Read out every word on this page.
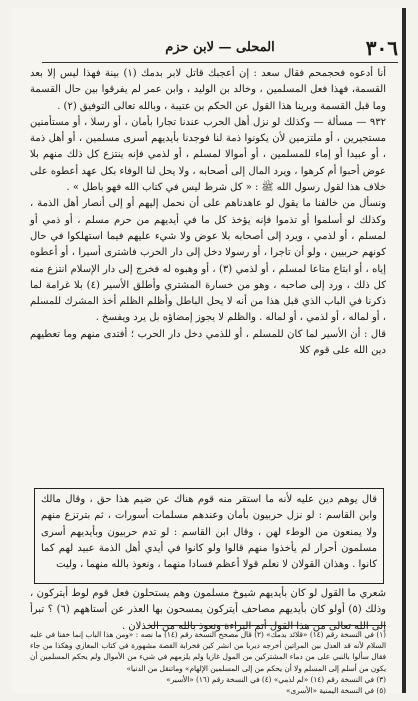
٣٠٦
المحلى — لابن حزم

أنا أدعوه فحجمحم فقال سعد : إن أعجبك قاتل لابر بدمك (١) بينة فهذا ليس إلا بعد القسمة، فهذا فعل المسلمين ، وخالد بن الوليد ، وابن عمر لم يفرقوا بين حال القسمة وما قبل القسمة وبرينا هذا القول عن الحكم بن عتيبة ، وبالله تعالى التوفيق (٢) .

٩٣٢ — مسألة — وكذلك لو نزل أهل الحرب عندنا تجارا بأمان ، أو رسلا ، أو مستأمنين مستجيرين ، أو ملتزمين لأن يكونوا ذمة لنا فوجدنا بأيديهم أسرى مسلمين ، أو أهل ذمة ، أو عبيدا أو إماء للمسلمين ، أو أموالا لمسلم ، أو لذمي فإنه ينتزع كل ذلك منهم بلا عوض أحبوا أم كرهوا ، ويرد المال إلى أصحابه ، ولا يحل لنا الوفاء بكل عهد أعطوه على خلاف هذا لقول رسول الله ﷺ : « كل شرط ليس في كتاب الله فهو باطل » .

ونسأل من خالفنا ما يقول لو عاهدناهم على أن نحمل إليهم أو إلى أنصار أهل الذمة ، وكذلك لو أسلموا أو تذموا فإنه يؤخذ كل ما في أيديهم من حرم مسلم ، أو ذمي أو لمسلم ، أو لذمي ، ويرد إلى أصحابه بلا عوض ولا شيء عليهم فيما استهلكوا في حال كونهم حربيين ، ولو أن تاجرا ، أو رسولا دخل إلى دار الحرب فاشترى أسيرا ، أو أعطوه إياه ، أو ابتاع متاعا لمسلم ، أو لذمي (٣) ، أو وهبوه له فخرج إلى دار الإسلام انتزع منه كل ذلك ، ورد إلى صاحبه ، وهو من خسارة المشتري وأطلق الأسير (٤) بلا غرامة لما ذكرنا في الباب الذي قبل هذا من أنه لا يحل الباطل وأظلم الظلم أخذ المشرك للمسلم ، أو لماله ، أو لذمي ، أو لماله . والظلم لا يجوز إمضاؤه بل يرد ويفسخ .

قال : أن الأسير لما كان للمسلم ، أو للذمي دخل دار الحرب ؛ أفتدى منهم وما تعطيهم دين الله على قوم كلا

قال يوهم دين عليه لأنه ما استقر منه قوم هناك عن ضيم هذا حق ، وقال مالك وابن القاسم : لو نزل حربيون بأمان وعندهم مسلمات أسورات ، ثم بترتزع منهم ولا يمنعون من الوطء لهن ، وقال ابن القاسم : لو تدم حربيون وبأيديهم أسرى مسلمون أحرار لم يأخذوا منهم قالوا ولو كانوا في أيدي أهل الذمة عبيد لهم كما كانوا . وهذان القولان لا نعلم قولا أعظم فسادا منهما ، ونعوذ بالله منهما ، وليت
شعري ما القول لو كان بأيديهم شيوخ مسلمون وهم يستحلون فعل قوم لوط أيتركون ، وذلك (٥) أولو كان بأيديهم مصاحف أيتركون يمسحون بها العذر عن أستاههم (٦) ؟ تبرأ إلى الله تعالى من هذا القول أتم البراءة ونعوذ بالله من الخذلان .

(١) في النسخة رقم (١٤) «قلائد بدمك» (٢) قال مصحح النسخة رقم (١٤) ما نصه : «ومن هذا الباب إنما خفنا في عليه السلام لأنه قد العدل بين المراتين أخرجه ديربا من انشر كين فخرابة القصة مشهورة في كتاب المغازي وهكذا من جاء فقال سألوا بالنبي على من دماء المشتركين من المول غازيا ولم يلزمهم في شيء من الأموال ولم يحكم المسلمين أن يكون من أسلم إلى المسلم ولا أن يحكم من إلى المسلمين الإلهام» وماتنقل من الدنيا»

(٣) في النسخة رقم (١٤) «لم لذمي» (٤) في النسخة رقم (١٦) «الأسير»

(٥) في النسخة اليمنية «الأسرى»
